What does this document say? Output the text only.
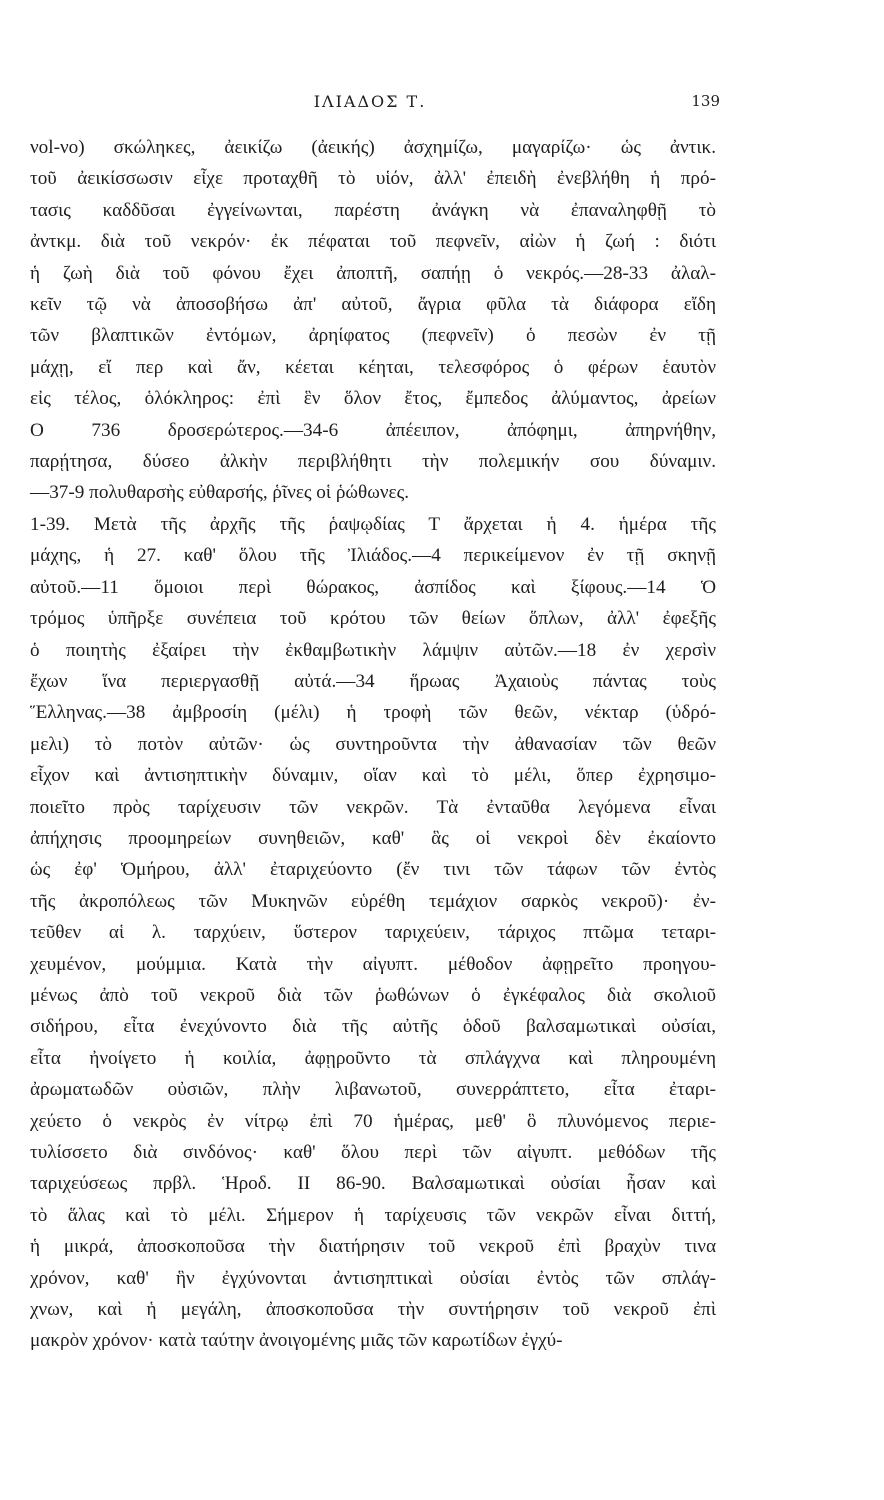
ΙΛΙΑΔΟΣ Τ.	139
νοl-νο) σκώληκες, ἀεικίζω (ἀεικής) ἀσχημίζω, μαγαρίζω· ὡς ἀντικ.
τοῦ ἀεικίσσωσιν εἶχε προταχθῆ τὸ υἱόν, ἀλλ' ἐπειδὴ ἐνεβλήθη ἡ πρό-
τασις καδδῦσαι ἐγγείνωνται, παρέστη ἀνάγκη νὰ ἐπαναληφθῇ τὸ
ἀντκμ. διὰ τοῦ νεκρόν· ἐκ πέφαται τοῦ πεφνεῖν, αἰὼν ἡ ζωή : διότι
ἡ ζωὴ διὰ τοῦ φόνου ἔχει ἀποπτῆ, σαπήῃ ὁ νεκρός.—28-33 ἀλαλ-
κεῖν τῷ νὰ ἀποσοβήσω ἀπ' αὐτοῦ, ἄγρια φῦλα τὰ διάφορα εἴδη
τῶν βλαπτικῶν ἐντόμων, ἀρηίφατος (πεφνεῖν) ὁ πεσὼν ἐν τῇ
μάχῃ, εἴ περ καὶ ἄν, κέεται κέηται, τελεσφόρος ὁ φέρων ἑαυτὸν
εἰς τέλος, ὁλόκληρος: ἐπὶ ἓν ὅλον ἔτος, ἔμπεδος ἀλύμαντος, ἀρείων
Ο 736 δροσερώτερος.—34-6 ἀπέειπον, ἀπόφημι, ἀπηρνήθην,
παρῄτησα, δύσεο ἀλκὴν περιβλήθητι τὴν πολεμικήν σου δύναμιν.
—37-9 πολυθαρσὴς εὐθαρσής, ῥῖνες οἱ ῥώθωνες.
1-39. Μετὰ τῆς ἀρχῆς τῆς ῥαψῳδίας Τ ἄρχεται ἡ 4. ἡμέρα τῆς
μάχης, ἡ 27. καθ' ὅλου τῆς Ἰλιάδος.—4 περικείμενον ἐν τῇ σκηνῇ
αὐτοῦ.—11 ὅμοιοι περὶ θώρακος, ἀσπίδος καὶ ξίφους.—14 Ὁ
τρόμος ὑπῆρξε συνέπεια τοῦ κρότου τῶν θείων ὅπλων, ἀλλ' ἐφεξῆς
ὁ ποιητὴς ἐξαίρει τὴν ἐκθαμβωτικὴν λάμψιν αὐτῶν.—18 ἐν χερσὶν
ἔχων ἵνα περιεργασθῇ αὐτά.—34 ἥρωας Ἀχαιοὺς πάντας τοὺς
Ἕλληνας.—38 ἀμβροσίη (μέλι) ἡ τροφὴ τῶν θεῶν, νέκταρ (ὑδρό-
μελι) τὸ ποτὸν αὐτῶν· ὡς συντηροῦντα τὴν ἀθανασίαν τῶν θεῶν
εἶχον καὶ ἀντισηπτικὴν δύναμιν, οἵαν καὶ τὸ μέλι, ὅπερ ἐχρησιμο-
ποιεῖτο πρὸς ταρίχευσιν τῶν νεκρῶν. Τὰ ἐνταῦθα λεγόμενα εἶναι
ἀπήχησις προομηρείων συνηθειῶν, καθ' ἃς οἱ νεκροὶ δὲν ἐκαίοντο
ὡς ἐφ' Ὁμήρου, ἀλλ' ἐταριχεύοντο (ἔν τινι τῶν τάφων τῶν ἐντὸς
τῆς ἀκροπόλεως τῶν Μυκηνῶν εὑρέθη τεμάχιον σαρκὸς νεκροῦ)· ἐν-
τεῦθεν αἱ λ. ταρχύειν, ὕστερον ταριχεύειν, τάριχος πτῶμα τεταρι-
χευμένον, μούμμια. Κατὰ τὴν αἰγυπτ. μέθοδον ἀφῃρεῖτο προηγου-
μένως ἀπὸ τοῦ νεκροῦ διὰ τῶν ῥωθώνων ὁ ἐγκέφαλος διὰ σκολιοῦ
σιδήρου, εἶτα ἐνεχύνοντο διὰ τῆς αὐτῆς ὁδοῦ βαλσαμωτικαὶ οὐσίαι,
εἶτα ἠνοίγετο ἡ κοιλία, ἀφῃροῦντο τὰ σπλάγχνα καὶ πληρουμένη
ἀρωματωδῶν οὐσιῶν, πλὴν λιβανωτοῦ, συνερράπτετο, εἶτα ἐταρι-
χεύετο ὁ νεκρὸς ἐν νίτρῳ ἐπὶ 70 ἡμέρας, μεθ' ὃ πλυνόμενος περιε-
τυλίσσετο διὰ σινδόνος· καθ' ὅλου περὶ τῶν αἰγυπτ. μεθόδων τῆς
ταριχεύσεως πρβλ. Ἡροδ. ΙΙ 86-90. Βαλσαμωτικαὶ οὐσίαι ἦσαν καὶ
τὸ ἅλας καὶ τὸ μέλι. Σήμερον ἡ ταρίχευσις τῶν νεκρῶν εἶναι διττή,
ἡ μικρά, ἀποσκοποῦσα τὴν διατήρησιν τοῦ νεκροῦ ἐπὶ βραχὺν τινα
χρόνον, καθ' ἣν ἐγχύνονται ἀντισηπτικαὶ οὐσίαι ἐντὸς τῶν σπλάγ-
χνων, καὶ ἡ μεγάλη, ἀποσκοποῦσα τὴν συντήρησιν τοῦ νεκροῦ ἐπὶ
μακρὸν χρόνον· κατὰ ταύτην ἀνοιγομένης μιᾶς τῶν καρωτίδων ἐγχύ-
